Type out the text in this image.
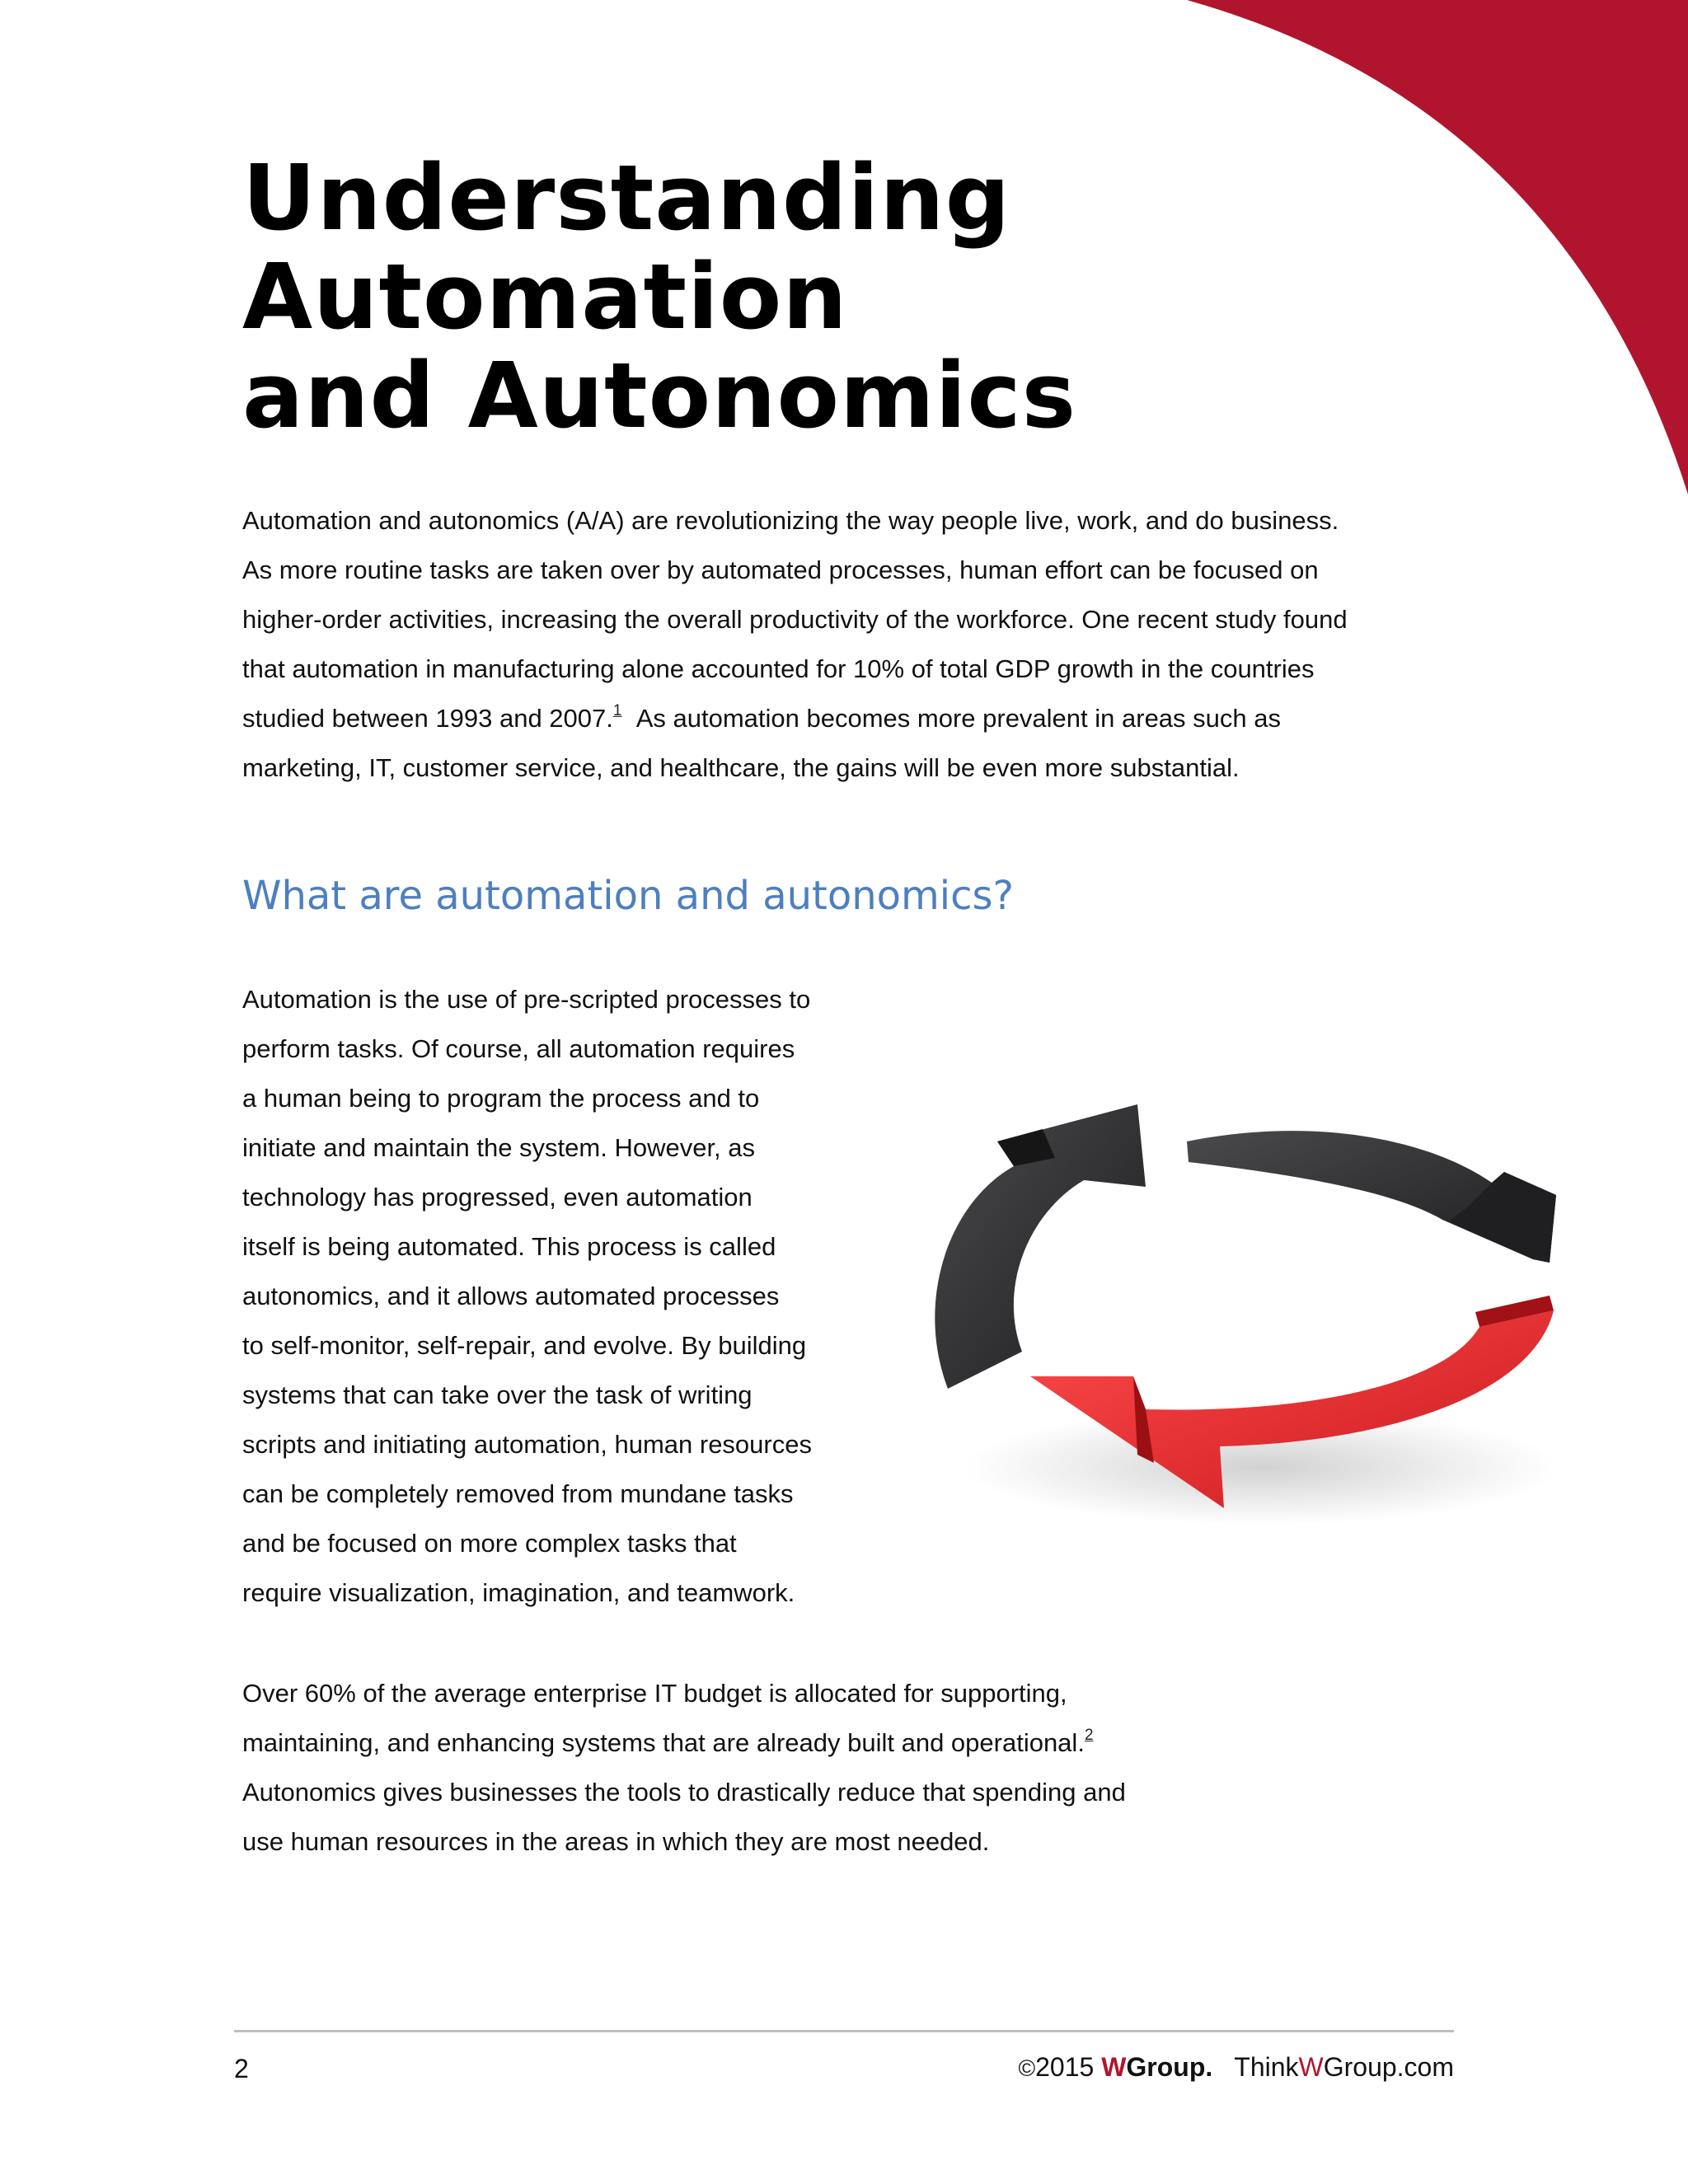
Understanding
Automation
and Autonomics
Automation and autonomics (A/A) are revolutionizing the way people live, work, and do business.
As more routine tasks are taken over by automated processes, human effort can be focused on
higher-order activities, increasing the overall productivity of the workforce. One recent study found
that automation in manufacturing alone accounted for 10% of total GDP growth in the countries
studied between 1993 and 2007.$^1$ As automation becomes more prevalent in areas such as
marketing, IT, customer service, and healthcare, the gains will be even more substantial.
What are automation and autonomics?
Automation is the use of pre-scripted processes to
perform tasks. Of course, all automation requires
a human being to program the process and to
initiate and maintain the system. However, as
technology has progressed, even automation
itself is being automated. This process is called
autonomics, and it allows automated processes
to self-monitor, self-repair, and evolve. By building
systems that can take over the task of writing
scripts and initiating automation, human resources
can be completely removed from mundane tasks
and be focused on more complex tasks that
require visualization, imagination, and teamwork.
Over 60% of the average enterprise IT budget is allocated for supporting,
maintaining, and enhancing systems that are already built and operational.$^2$
Autonomics gives businesses the tools to drastically reduce that spending and
use human resources in the areas in which they are most needed.
2	©2015 WGroup. ThinkWGroup.com
